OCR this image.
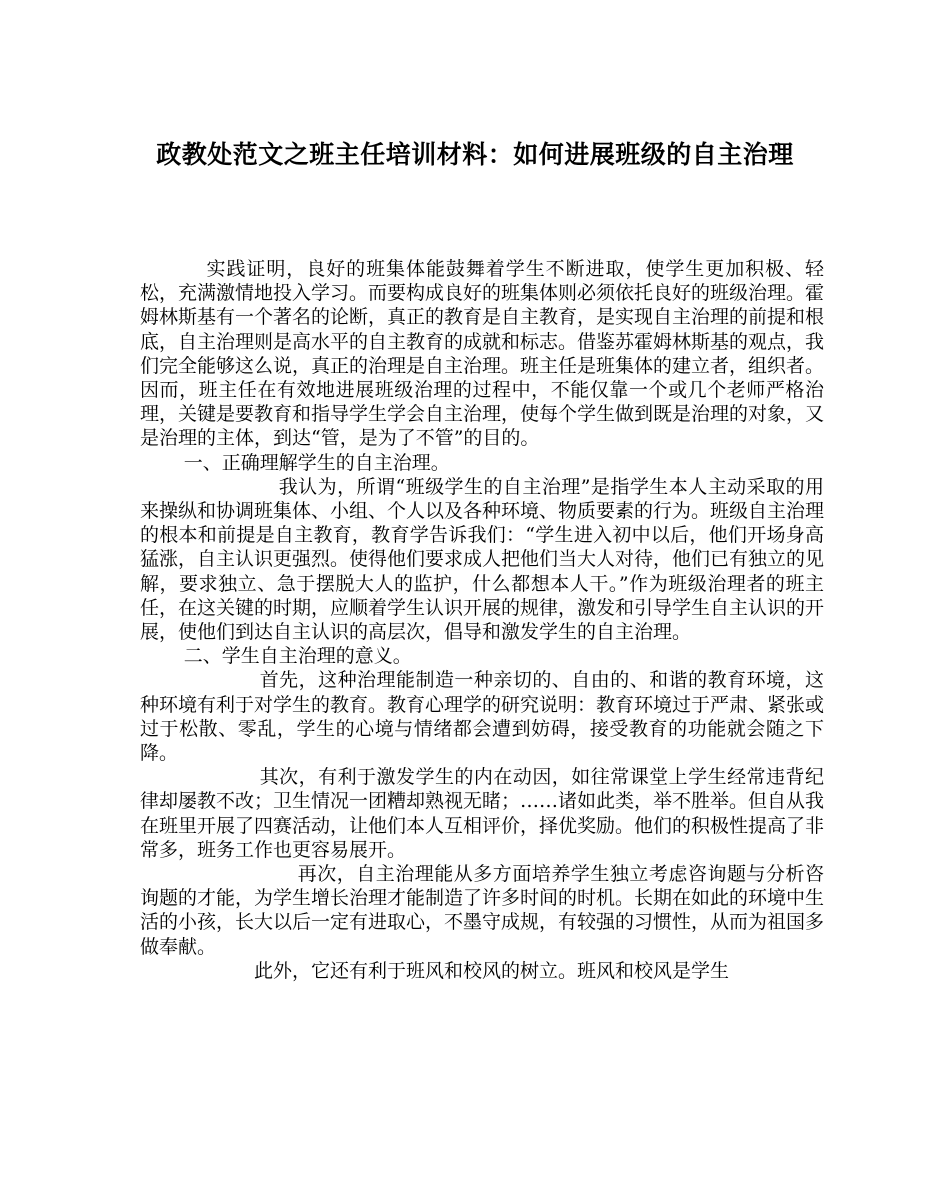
政教处范文之班主任培训材料：如何进展班级的自主治理

实践证明，良好的班集体能鼓舞着学生不断进取，使学生更加积极、轻松，充满激情地投入学习。而要构成良好的班集体则必须依托良好的班级治理。霍姆林斯基有一个著名的论断，真正的教育是自主教育，是实现自主治理的前提和根底，自主治理则是高水平的自主教育的成就和标志。借鉴苏霍姆林斯基的观点，我们完全能够这么说，真正的治理是自主治理。班主任是班集体的建立者，组织者。因而，班主任在有效地进展班级治理的过程中，不能仅靠一个或几个老师严格治理，关键是要教育和指导学生学会自主治理，使每个学生做到既是治理的对象，又是治理的主体，到达“管，是为了不管”的目的。

一、正确理解学生的自主治理。

我认为，所谓“班级学生的自主治理”是指学生本人主动采取的用来操纵和协调班集体、小组、个人以及各种环境、物质要素的行为。班级自主治理的根本和前提是自主教育，教育学告诉我们：“学生进入初中以后，他们开场身高猛涨，自主认识更强烈。使得他们要求成人把他们当大人对待，他们已有独立的见解，要求独立、急于摆脱大人的监护，什么都想本人干。”作为班级治理者的班主任，在这关键的时期，应顺着学生认识开展的规律，激发和引导学生自主认识的开展，使他们到达自主认识的高层次，倡导和激发学生的自主治理。

二、学生自主治理的意义。

首先，这种治理能制造一种亲切的、自由的、和谐的教育环境，这种环境有利于对学生的教育。教育心理学的研究说明：教育环境过于严肃、紧张或过于松散、零乱，学生的心境与情绪都会遭到妨碍，接受教育的功能就会随之下降。

其次，有利于激发学生的内在动因，如往常课堂上学生经常违背纪律却屡教不改；卫生情况一团糟却熟视无睹；……诸如此类，举不胜举。但自从我在班里开展了四赛活动，让他们本人互相评价，择优奖励。他们的积极性提高了非常多，班务工作也更容易展开。

再次，自主治理能从多方面培养学生独立考虑咨询题与分析咨询题的才能，为学生增长治理才能制造了许多时间的时机。长期在如此的环境中生活的小孩，长大以后一定有进取心，不墨守成规，有较强的习惯性，从而为祖国多做奉献。

此外，它还有利于班风和校风的树立。班风和校风是学生
